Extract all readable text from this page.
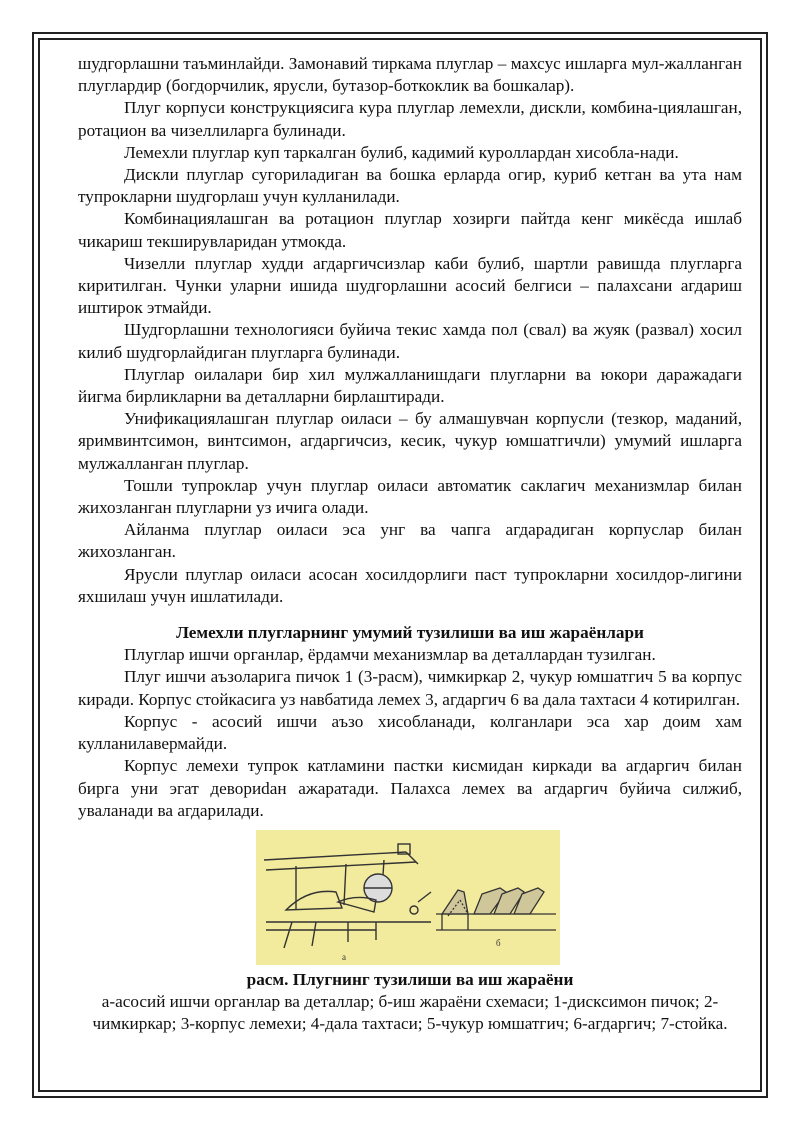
шудгорлашни таъминлайди. Замонавий тиркама плуглар – махсус ишларга мул-жалланган плуглардир (богдорчилик, ярусли, бутазор-боткоклик ва бошкалар).

Плуг корпуси конструкциясигa кура плуглар лемехли, дискли, комбина-циялашган, ротацион ва чизеллиларга булинади.

Лемехли плуглар куп таркалган булиб, кадимий куроллардан хисобла-нади.

Дискли плуглар сугориладиган ва бошка ерларда огир, куриб кетган ва ута нам тупрокларни шудгорлаш учун кулланилади.

Комбинациялашган ва ротацион плуглар хозирги пайтда кенг микёсда ишлаб чикариш текширувларидан утмокда.

Чизелли плуглар худди агдаргичсизлар каби булиб, шартли равишда плугларга киритилган. Чунки уларни ишида шудгорлашни асосий белгиси – палахсани агдариш иштирок этмайди.

Шудгорлашни технологияси буйича текис хамда пол (свал) ва жуяк (развал) хосил килиб шудгорлайдиган плугларга булинади.

Плуглар оилалари бир хил мулжалланишдаги плугларни ва юкори даражадаги йигма бирликларни ва деталларни бирлаштиради.

Унификациялашган плуглар оиласи – бу алмашувчан корпусли (тезкор, маданий, яримвинтсимон, винтсимон, агдаргичсиз, кесик, чукур юмшатгичли) умумий ишларга мулжалланган плуглар.

Тошли тупроклар учун плуглар оиласи автоматик саклагич механизмлар билан жихозланган плугларни уз ичига олади.

Айланма плуглар оиласи эса унг ва чапга агдарадиган корпуслар билан жихозланган.

Ярусли плуглар оиласи асосан хосилдорлиги паст тупрокларни хосилдор-лигини яхшилаш учун ишлатилади.

Лемехли плугларнинг умумий тузилиши ва иш жараёнлари

Плуглар ишчи органлар, ёрдамчи механизмлар ва деталлардан тузилган.

Плуг ишчи аъзоларига пичок 1 (3-расм), чимкиркар 2, чукур юмшатгич 5 ва корпус киради. Корпус стойкасига уз навбатида лемех 3, агдаргич 6 ва дала тахтаси 4 котирилган.

Корпус - асосий ишчи аъзо хисобланади, колганлари эса хар доим хам кулланилавермайди.

Корпус лемехи тупрок катламини пастки кисмидан киркади ва агдаргич билан бирга уни эгат девориdан ажаратади. Палахса лемех ва агдаргич буйича силжиб, уваланади ва агдарилади.

а
б

расм. Плугнинг тузилиши ва иш жараёни

а-асосий ишчи органлар ва деталлар; б-иш жараёни схемаси; 1-дисксимон пичок; 2-чимкиркар; 3-корпус лемехи; 4-дала тахтаси; 5-чукур юмшатгич; 6-агдаргич; 7-стойка.
